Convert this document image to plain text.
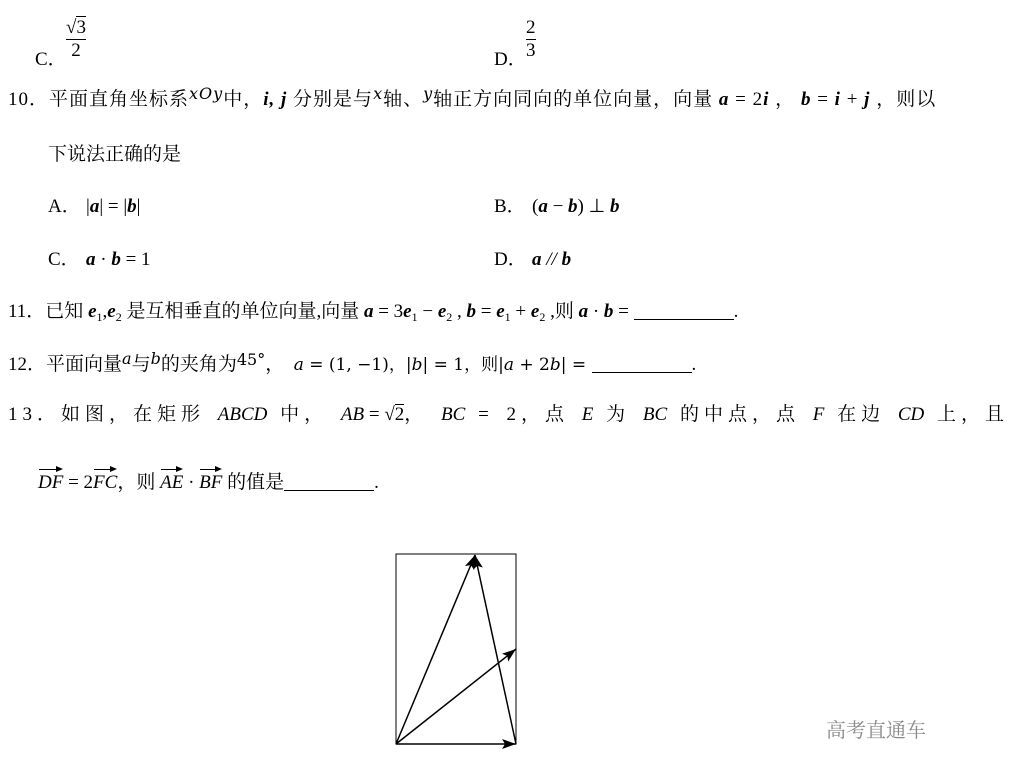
C．
√3
2	D．
2
3
10． 平面直角坐标系 xOy 中， i , j 分别是与 x 轴、 y 轴正方向同向的单位向量，向量 a = 2 i ， b = i + j ，则以
下说法正确的是
A． | a | = | b |	B． ( a − b ) ⊥ b
C． a · b = 1	D． a // b
11． 已知 $e_1$ , $e_2$ 是互相垂直的单位向量,向量 a = 3 $e_1 - e_2$ , $b = e_1 + e_2$ ,则 a · b =	.
12． 平面向量 a 与 b 的夹角为 45° ， a = (1, −1)，| b | = 1，则| a + 2 b | =	.
13． 如图，在矩形 ABCD 中， AB = √ 2 ， BC = 2，点 E 为 BC 的中点，点 F 在边 CD 上，且
DF = 2 FC ，则 AE · BF 的值是	.
高考直通车
